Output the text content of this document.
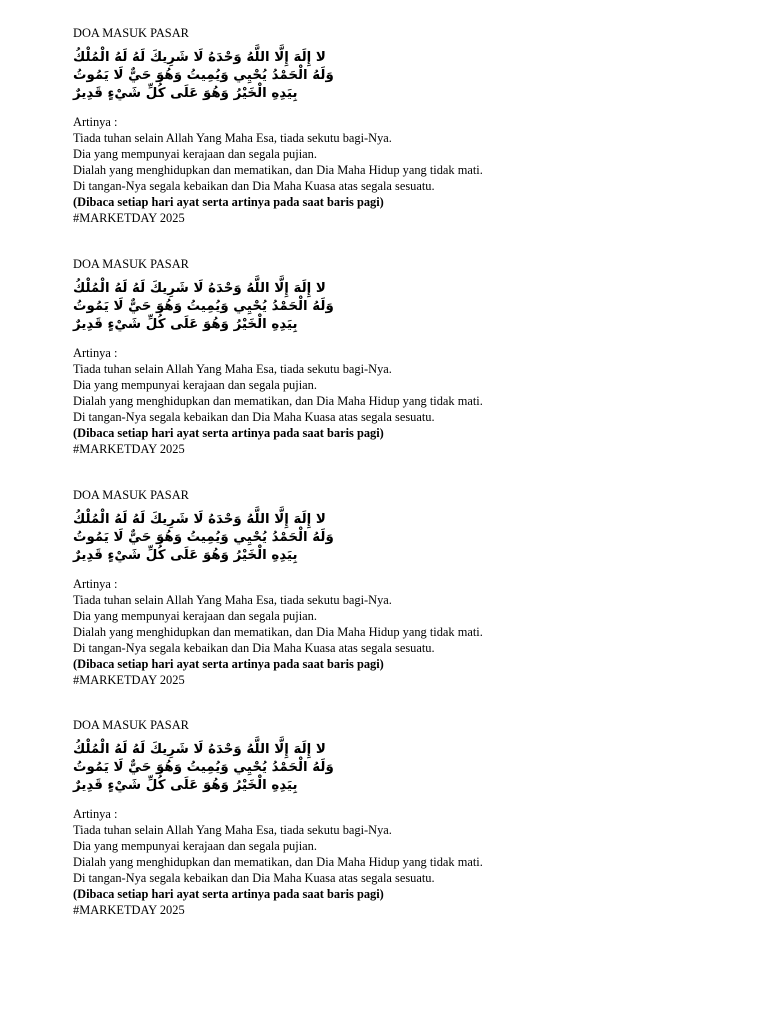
DOA MASUK PASAR
لا إِلَهَ إِلَّا اللَّهُ وَحْدَهُ لَا شَرِيكَ لَهُ لَهُ الْمُلْكُ
وَلَهُ الْحَمْدُ يُحْيِي وَيُمِيتُ وَهُوَ حَيٌّ لَا يَمُوتُ
بِيَدِهِ الْخَيْرُ وَهُوَ عَلَى كُلِّ شَيْءٍ قَدِيرٌ
Artinya :
Tiada tuhan selain Allah Yang Maha Esa, tiada sekutu bagi-Nya.
Dia yang mempunyai kerajaan dan segala pujian.
Dialah yang menghidupkan dan mematikan, dan Dia Maha Hidup yang tidak mati.
Di tangan-Nya segala kebaikan dan Dia Maha Kuasa atas segala sesuatu.
(Dibaca setiap hari ayat serta artinya pada saat baris pagi)
#MARKETDAY 2025
DOA MASUK PASAR
لا إِلَهَ إِلَّا اللَّهُ وَحْدَهُ لَا شَرِيكَ لَهُ لَهُ الْمُلْكُ
وَلَهُ الْحَمْدُ يُحْيِي وَيُمِيتُ وَهُوَ حَيٌّ لَا يَمُوتُ
بِيَدِهِ الْخَيْرُ وَهُوَ عَلَى كُلِّ شَيْءٍ قَدِيرٌ
Artinya :
Tiada tuhan selain Allah Yang Maha Esa, tiada sekutu bagi-Nya.
Dia yang mempunyai kerajaan dan segala pujian.
Dialah yang menghidupkan dan mematikan, dan Dia Maha Hidup yang tidak mati.
Di tangan-Nya segala kebaikan dan Dia Maha Kuasa atas segala sesuatu.
(Dibaca setiap hari ayat serta artinya pada saat baris pagi)
#MARKETDAY 2025
DOA MASUK PASAR
لا إِلَهَ إِلَّا اللَّهُ وَحْدَهُ لَا شَرِيكَ لَهُ لَهُ الْمُلْكُ
وَلَهُ الْحَمْدُ يُحْيِي وَيُمِيتُ وَهُوَ حَيٌّ لَا يَمُوتُ
بِيَدِهِ الْخَيْرُ وَهُوَ عَلَى كُلِّ شَيْءٍ قَدِيرٌ
Artinya :
Tiada tuhan selain Allah Yang Maha Esa, tiada sekutu bagi-Nya.
Dia yang mempunyai kerajaan dan segala pujian.
Dialah yang menghidupkan dan mematikan, dan Dia Maha Hidup yang tidak mati.
Di tangan-Nya segala kebaikan dan Dia Maha Kuasa atas segala sesuatu.
(Dibaca setiap hari ayat serta artinya pada saat baris pagi)
#MARKETDAY 2025
DOA MASUK PASAR
لا إِلَهَ إِلَّا اللَّهُ وَحْدَهُ لَا شَرِيكَ لَهُ لَهُ الْمُلْكُ
وَلَهُ الْحَمْدُ يُحْيِي وَيُمِيتُ وَهُوَ حَيٌّ لَا يَمُوتُ
بِيَدِهِ الْخَيْرُ وَهُوَ عَلَى كُلِّ شَيْءٍ قَدِيرٌ
Artinya :
Tiada tuhan selain Allah Yang Maha Esa, tiada sekutu bagi-Nya.
Dia yang mempunyai kerajaan dan segala pujian.
Dialah yang menghidupkan dan mematikan, dan Dia Maha Hidup yang tidak mati.
Di tangan-Nya segala kebaikan dan Dia Maha Kuasa atas segala sesuatu.
(Dibaca setiap hari ayat serta artinya pada saat baris pagi)
#MARKETDAY 2025
